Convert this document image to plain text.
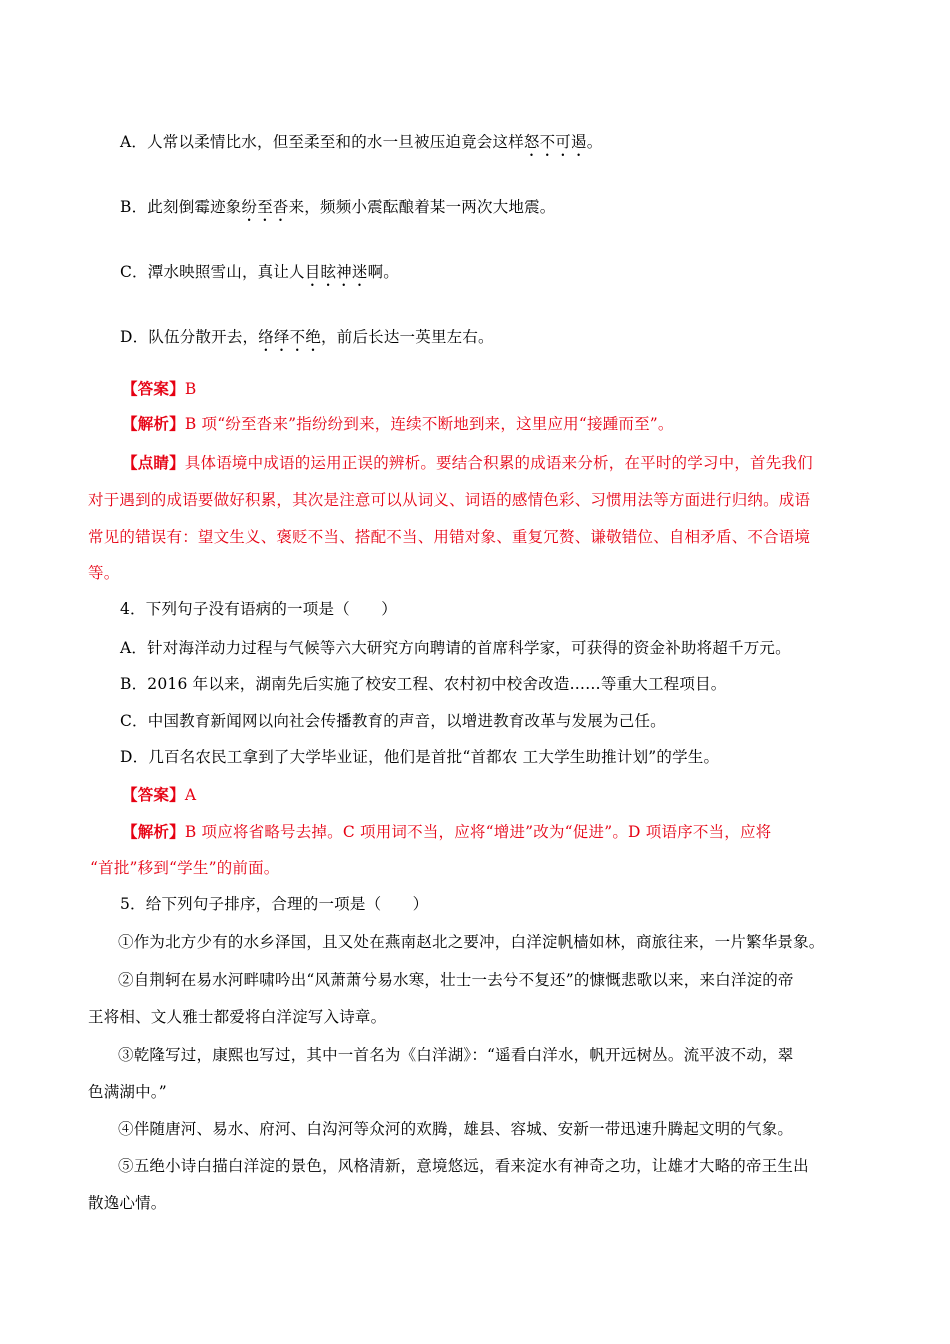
A．人常以柔情比水，但至柔至和的水一旦被压迫竟会这样怒不可遏。
B．此刻倒霉迹象纷至沓来，频频小震酝酿着某一两次大地震。
C．潭水映照雪山，真让人目眩神迷啊。
D．队伍分散开去，络绎不绝，前后长达一英里左右。
【答案】B
【解析】B 项“纷至沓来”指纷纷到来，连续不断地到来，这里应用“接踵而至”。
【点睛】具体语境中成语的运用正误的辨析。要结合积累的成语来分析，在平时的学习中，首先我们
对于遇到的成语要做好积累，其次是注意可以从词义、词语的感情色彩、习惯用法等方面进行归纳。成语
常见的错误有：望文生义、褒贬不当、搭配不当、用错对象、重复冗赘、谦敬错位、自相矛盾、不合语境
等。
4．下列句子没有语病的一项是（　　）
A．针对海洋动力过程与气候等六大研究方向聘请的首席科学家，可获得的资金补助将超千万元。
B．2016 年以来，湖南先后实施了校安工程、农村初中校舍改造……等重大工程项目。
C．中国教育新闻网以向社会传播教育的声音，以增进教育改革与发展为己任。
D．几百名农民工拿到了大学毕业证，他们是首批“首都农 工大学生助推计划”的学生。
【答案】A
【解析】B 项应将省略号去掉。C 项用词不当，应将“增进”改为“促进”。D 项语序不当，应将
“首批”移到“学生”的前面。
5．给下列句子排序，合理的一项是（　　）
①作为北方少有的水乡泽国，且又处在燕南赵北之要冲，白洋淀帆樯如林，商旅往来，一片繁华景象。
②自荆轲在易水河畔啸吟出“风萧萧兮易水寒，壮士一去兮不复还”的慷慨悲歌以来，来白洋淀的帝
王将相、文人雅士都爱将白洋淀写入诗章。
③乾隆写过，康熙也写过，其中一首名为《白洋湖》：“遥看白洋水，帆开远树丛。流平波不动，翠
色满湖中。”
④伴随唐河、易水、府河、白沟河等众河的欢腾，雄县、容城、安新一带迅速升腾起文明的气象。
⑤五绝小诗白描白洋淀的景色，风格清新，意境悠远，看来淀水有神奇之功，让雄才大略的帝王生出
散逸心情。
